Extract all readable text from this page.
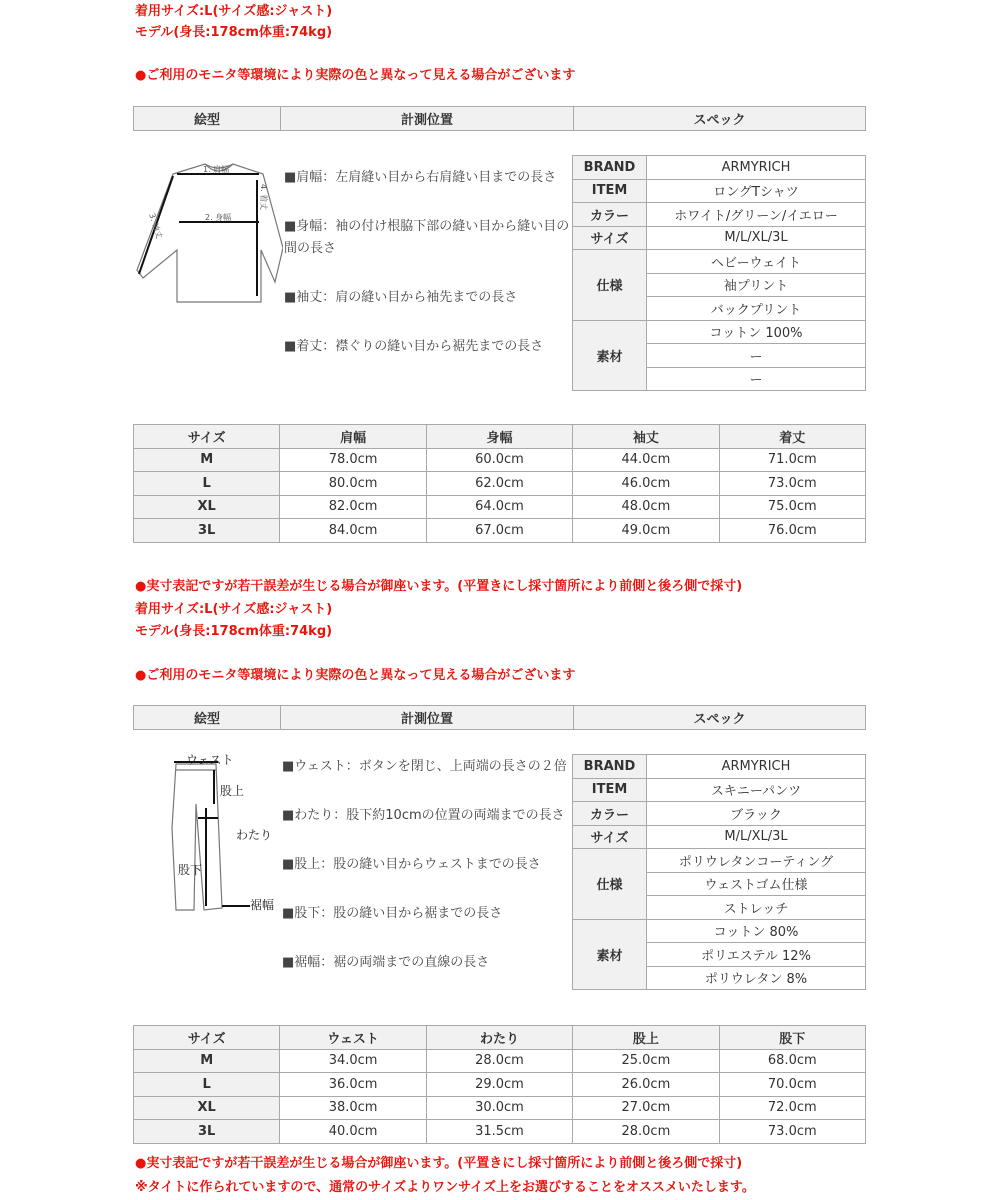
着用サイズ:L(サイズ感:ジャスト)
モデル(身長:178cm体重:74kg)
●ご利用のモニタ等環境により実際の色と異なって見える場合がございます
絵型	計測位置	スペック
1. 肩幅
2. 身幅
3. 袖丈
4. 着丈
■肩幅：左肩縫い目から右肩縫い目までの長さ
■身幅：袖の付け根脇下部の縫い目から縫い目の間の長さ
■袖丈：肩の縫い目から袖先までの長さ
■着丈：襟ぐりの縫い目から裾先までの長さ
BRAND	ARMYRICH
ITEM	ロングTシャツ
カラー	ホワイト/グリーン/イエロー
サイズ	M/L/XL/3L
仕様	ヘビーウェイト
	袖プリント
	バックプリント
素材	コットン 100%
	ー
	ー
サイズ	肩幅	身幅	袖丈	着丈
M	78.0cm	60.0cm	44.0cm	71.0cm
L	80.0cm	62.0cm	46.0cm	73.0cm
XL	82.0cm	64.0cm	48.0cm	75.0cm
3L	84.0cm	67.0cm	49.0cm	76.0cm
●実寸表記ですが若干誤差が生じる場合が御座います。(平置きにし採寸箇所により前側と後ろ側で採寸)
着用サイズ:L(サイズ感:ジャスト)
モデル(身長:178cm体重:74kg)
●ご利用のモニタ等環境により実際の色と異なって見える場合がございます
絵型	計測位置	スペック
ウェスト
股上
わたり
股下
裾幅
■ウェスト：ボタンを閉じ、上両端の長さの２倍
■わたり：股下約10cmの位置の両端までの長さ
■股上：股の縫い目からウェストまでの長さ
■股下：股の縫い目から裾までの長さ
■裾幅：裾の両端までの直線の長さ
BRAND	ARMYRICH
ITEM	スキニーパンツ
カラー	ブラック
サイズ	M/L/XL/3L
仕様	ポリウレタンコーティング
	ウェストゴム仕様
	ストレッチ
素材	コットン 80%
	ポリエステル 12%
	ポリウレタン 8%
サイズ	ウェスト	わたり	股上	股下
M	34.0cm	28.0cm	25.0cm	68.0cm
L	36.0cm	29.0cm	26.0cm	70.0cm
XL	38.0cm	30.0cm	27.0cm	72.0cm
3L	40.0cm	31.5cm	28.0cm	73.0cm
●実寸表記ですが若干誤差が生じる場合が御座います。(平置きにし採寸箇所により前側と後ろ側で採寸)
※タイトに作られていますので、通常のサイズよりワンサイズ上をお選びすることをオススメいたします。
